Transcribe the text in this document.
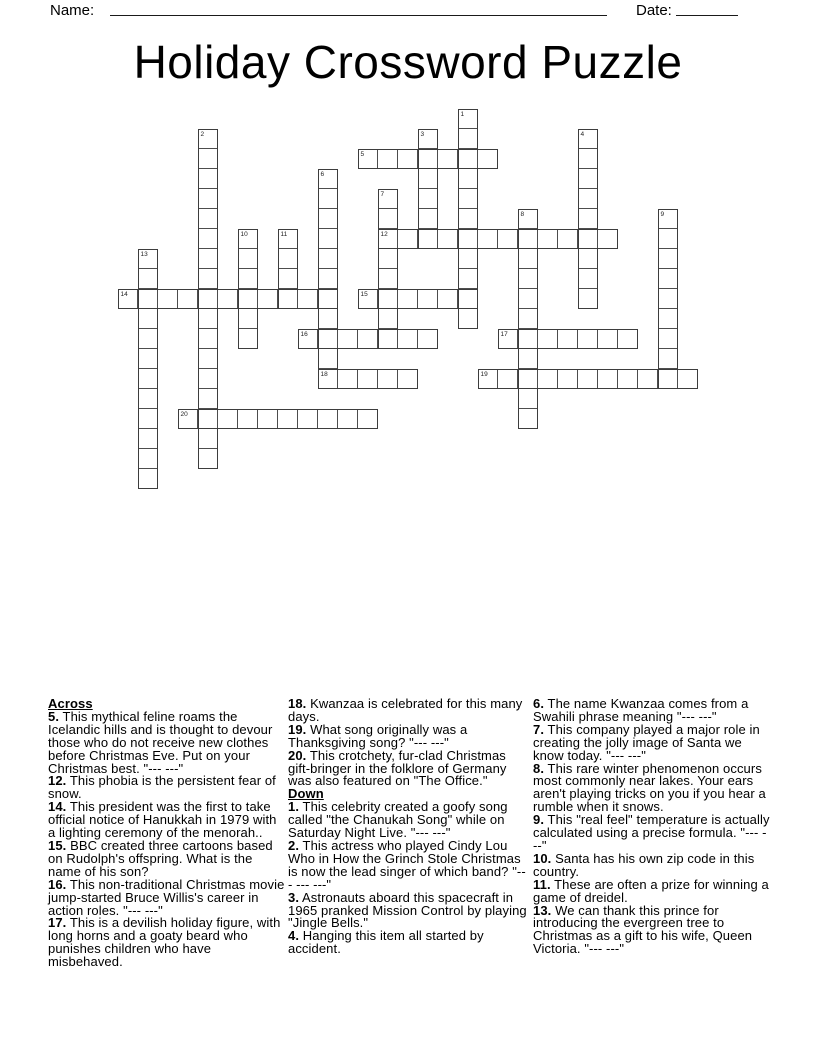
Name:	Date:
Holiday Crossword Puzzle
1
2	3	4
5
6
7
8	9
10	11	12
13
14	15
16	17
18	19
20
Across
5. This mythical feline roams the Icelandic hills and is thought to devour those who do not receive new clothes before Christmas Eve. Put on your Christmas best. "--- ---"
12. This phobia is the persistent fear of snow.
14. This president was the first to take official notice of Hanukkah in 1979 with a lighting ceremony of the menorah..
15. BBC created three cartoons based on Rudolph's offspring. What is the name of his son?
16. This non-traditional Christmas movie jump-started Bruce Willis's career in action roles. "--- ---"
17. This is a devilish holiday figure, with long horns and a goaty beard who punishes children who have misbehaved.
18. Kwanzaa is celebrated for this many days.
19. What song originally was a Thanksgiving song? "--- ---"
20. This crotchety, fur-clad Christmas gift-bringer in the folklore of Germany was also featured on "The Office."
Down
1. This celebrity created a goofy song called "the Chanukah Song" while on Saturday Night Live. "--- ---"
2. This actress who played Cindy Lou Who in How the Grinch Stole Christmas is now the lead singer of which band? "--- --- ---"
3. Astronauts aboard this spacecraft in 1965 pranked Mission Control by playing "Jingle Bells."
4. Hanging this item all started by accident.
6. The name Kwanzaa comes from a Swahili phrase meaning "--- ---"
7. This company played a major role in creating the jolly image of Santa we know today. "--- ---"
8. This rare winter phenomenon occurs most commonly near lakes. Your ears aren't playing tricks on you if you hear a rumble when it snows.
9. This "real feel" temperature is actually calculated using a precise formula. "--- ---"
10. Santa has his own zip code in this country.
11. These are often a prize for winning a game of dreidel.
13. We can thank this prince for introducing the evergreen tree to Christmas as a gift to his wife, Queen Victoria. "--- ---"
